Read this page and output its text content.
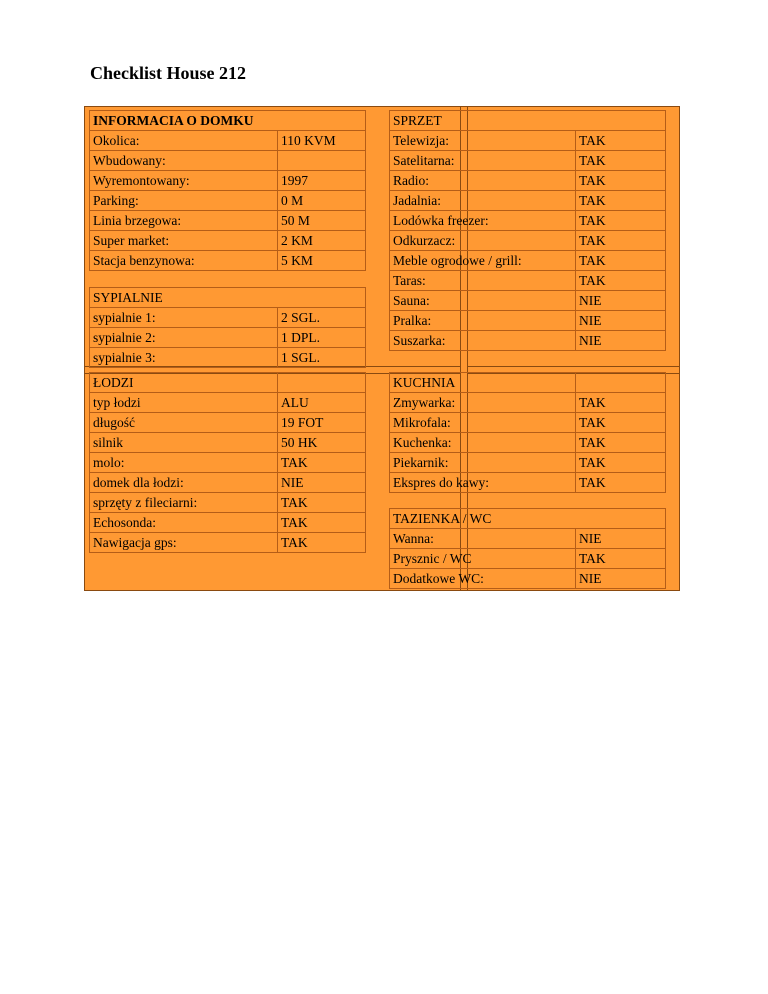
Checklist House 212
INFORMACIA O DOMKU	
Okolica:	110 KVM
Wbudowany:	
Wyremontowany:	1997
Parking:	0 M
Linia brzegowa:	50 M
Super market:	2 KM
Stacja benzynowa:	5 KM
SYPIALNIE	
sypialnie 1:	2 SGL.
sypialnie 2:	1 DPL.
sypialnie 3:	1 SGL.
ŁODZI	
typ łodzi	ALU
długość	19 FOT
silnik	50 HK
molo:	TAK
domek dla łodzi:	NIE
sprzęty z fileciarni:	TAK
Echosonda:	TAK
Nawigacja gps:	TAK
SPRZET	
Telewizja:	TAK
Satelitarna:	TAK
Radio:	TAK
Jadalnia:	TAK
Lodówka freezer:	TAK
Odkurzacz:	TAK
Meble ogrodowe / grill:	TAK
Taras:	TAK
Sauna:	NIE
Pralka:	NIE
Suszarka:	NIE
KUCHNIA	
Zmywarka:	TAK
Mikrofala:	TAK
Kuchenka:	TAK
Piekarnik:	TAK
Ekspres do kawy:	TAK
TAZIENKA / WC	
Wanna:	NIE
Prysznic / WC	TAK
Dodatkowe WC:	NIE
